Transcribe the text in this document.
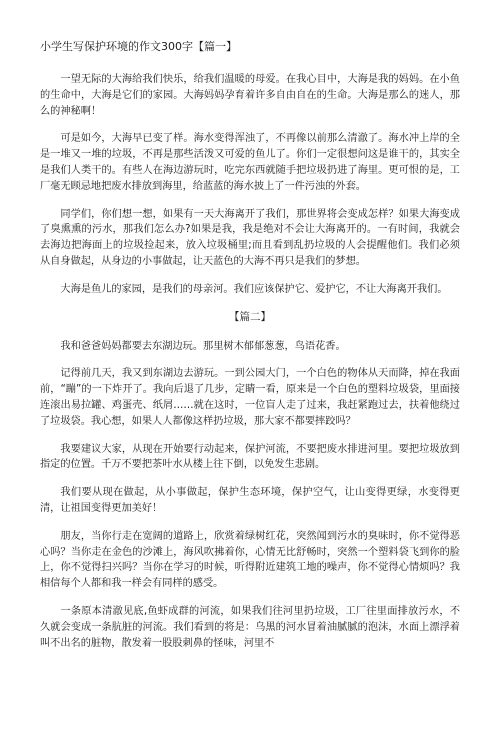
小学生写保护环境的作文300字【篇一】

一望无际的大海给我们快乐，给我们温暖的母爱。在我心目中，大海是我的妈妈。在小鱼的生命中，大海是它们的家园。大海妈妈孕育着许多自由自在的生命。大海是那么的迷人，那么的神秘啊！

可是如今，大海早已变了样。海水变得浑浊了，不再像以前那么清澈了。海水冲上岸的全是一堆又一堆的垃圾，不再是那些活泼又可爱的鱼儿了。你们一定很想问这是谁干的，其实全是我们人类干的。有些人在海边游玩时，吃完东西就随手把垃圾扔进了海里。更可恨的是，工厂毫无顾忌地把废水排放到海里，给蓝蓝的海水披上了一件污浊的外套。

同学们，你们想一想，如果有一天大海离开了我们，那世界将会变成怎样？如果大海变成了臭熏熏的污水，那我们怎么办?如果是我，我是绝对不会让大海离开的。一有时间，我就会去海边把海面上的垃圾捡起来，放入垃圾桶里;而且看到乱扔垃圾的人会提醒他们。我们必须从自身做起，从身边的小事做起，让天蓝色的大海不再只是我们的梦想。

大海是鱼儿的家园，是我们的母亲河。我们应该保护它、爱护它，不让大海离开我们。

【篇二】

我和爸爸妈妈都要去东湖边玩。那里树木郁郁葱葱，鸟语花香。

记得前几天，我又到东湖边去游玩。一到公园大门，一个白色的物体从天而降，掉在我面前，“蹦”的一下炸开了。我向后退了几步，定睛一看，原来是一个白色的塑料垃圾袋，里面接连滚出易拉罐、鸡蛋壳、纸屑……就在这时，一位盲人走了过来，我赶紧跑过去，扶着他绕过了垃圾袋。我心想，如果人人都像这样扔垃圾，那大家不都要摔跤吗？

我要建议大家，从现在开始要行动起来，保护河流，不要把废水排进河里。要把垃圾放到指定的位置。千万不要把茶叶水从楼上往下倒，以免发生悲剧。

我们要从现在做起，从小事做起，保护生态环境，保护空气，让山变得更绿，水变得更清，让祖国变得更加美好！

朋友，当你行走在宽阔的道路上，欣赏着绿树红花，突然闻到污水的臭味时，你不觉得恶心吗？当你走在金色的沙滩上，海风吹拂着你，心情无比舒畅时，突然一个塑料袋飞到你的脸上，你不觉得扫兴吗？当你在学习的时候，听得附近建筑工地的噪声，你不觉得心情烦吗？我相信每个人都和我一样会有同样的感受。

一条原本清澈见底,鱼虾成群的河流，如果我们往河里扔垃圾，工厂往里面排放污水，不久就会变成一条肮脏的河流。我们看到的将是：乌黑的河水冒着油腻腻的泡沫，水面上漂浮着叫不出名的脏物，散发着一股股刺鼻的怪味，河里不
